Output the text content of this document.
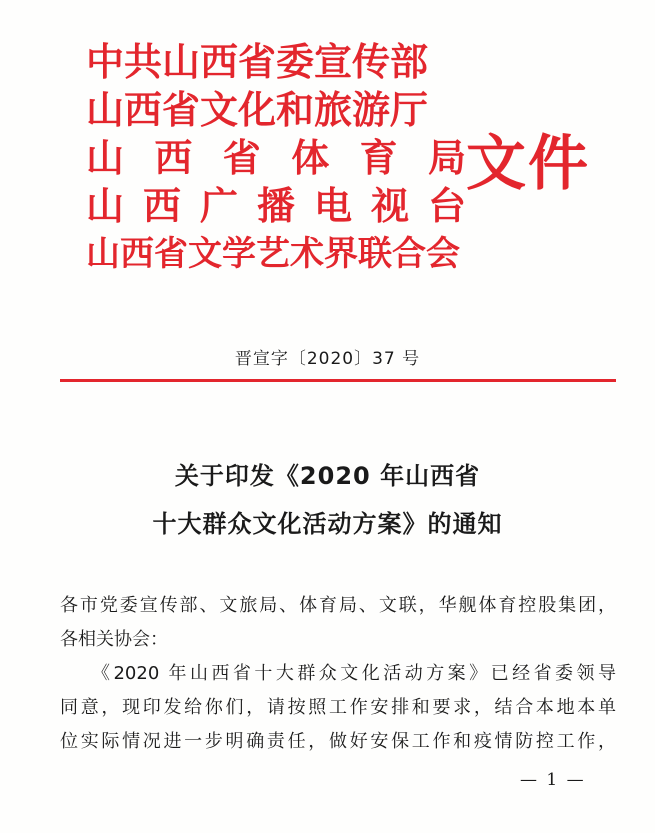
中共山西省委宣传部
山西省文化和旅游厅
山西省体育局
山西广播电视台
山西省文学艺术界联合会
文件
晋宣字〔2020〕37 号
关于印发《2020 年山西省
十大群众文化活动方案》的通知
各市党委宣传部、文旅局、体育局、文联，华舰体育控股集团，
各相关协会：
《2020 年山西省十大群众文化活动方案》已经省委领导
同意，现印发给你们，请按照工作安排和要求，结合本地本单
位实际情况进一步明确责任，做好安保工作和疫情防控工作，
— 1 —
